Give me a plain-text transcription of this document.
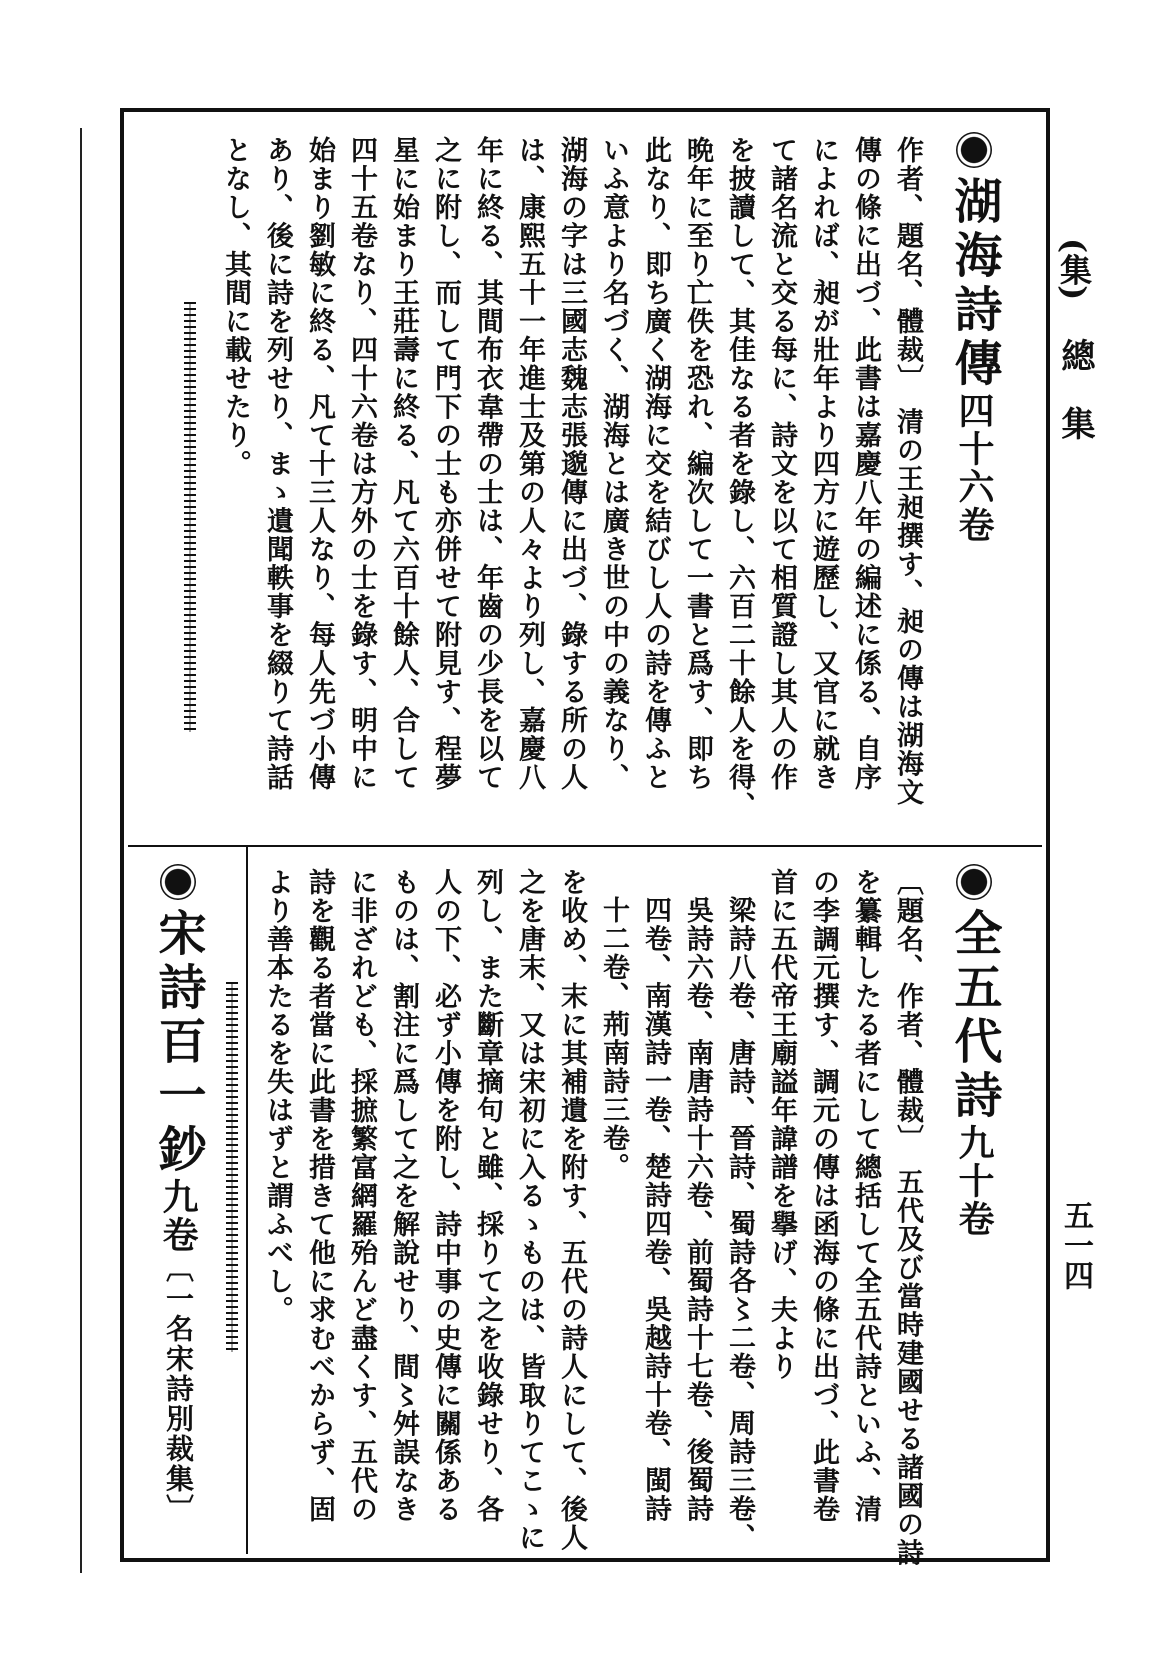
(集)
總　集
五一四
湖海詩傳四十六卷
作者、題名、體裁〕　清の王昶撰す、昶の傳は湖海文
傳の條に出づ、此書は嘉慶八年の編述に係る、自序
によれば、昶が壯年より四方に遊歷し、又官に就き
て諸名流と交る每に、詩文を以て相質證し其人の作
を披讀して、其佳なる者を錄し、六百二十餘人を得、
晩年に至り亡佚を恐れ、編次して一書と爲す、即ち
此なり、即ち廣く湖海に交を結びし人の詩を傳ふと
いふ意より名づく、湖海とは廣き世の中の義なり、
湖海の字は三國志魏志張邈傳に出づ、錄する所の人
は、康熙五十一年進士及第の人々より列し、嘉慶八
年に終る、其間布衣韋帶の士は、年齒の少長を以て
之に附し、而して門下の士も亦併せて附見す、程夢
星に始まり王莊壽に終る、凡て六百十餘人、合して
四十五卷なり、四十六卷は方外の士を錄す、明中に
始まり劉敏に終る、凡て十三人なり、每人先づ小傳
あり、後に詩を列せり、まゝ遺聞軼事を綴りて詩話
となし、其間に載せたり。
全五代詩九十卷
〔題名、作者、體裁〕　五代及び當時建國せる諸國の詩
を纂輯したる者にして總括して全五代詩といふ、清
の李調元撰す、調元の傳は函海の條に出づ、此書卷
首に五代帝王廟謚年諱譜を擧げ、夫より
梁詩八卷、唐詩、晉詩、蜀詩各〻二卷、周詩三卷、
吳詩六卷、南唐詩十六卷、前蜀詩十七卷、後蜀詩
四卷、南漢詩一卷、楚詩四卷、吳越詩十卷、閩詩
十二卷、荊南詩三卷。
を收め、末に其補遺を附す、五代の詩人にして、後人
之を唐末、又は宋初に入るゝものは、皆取りてこゝに
列し、また斷章摘句と雖、採りて之を收錄せり、各
人の下、必ず小傳を附し、詩中事の史傳に關係ある
ものは、割注に爲して之を解說せり、間〻舛誤なき
に非ざれども、採摭繁富網羅殆んど盡くす、五代の
詩を觀る者當に此書を措きて他に求むべからず、固
より善本たるを失はずと謂ふべし。
宋詩百一鈔九卷〔一名宋詩別裁集〕
